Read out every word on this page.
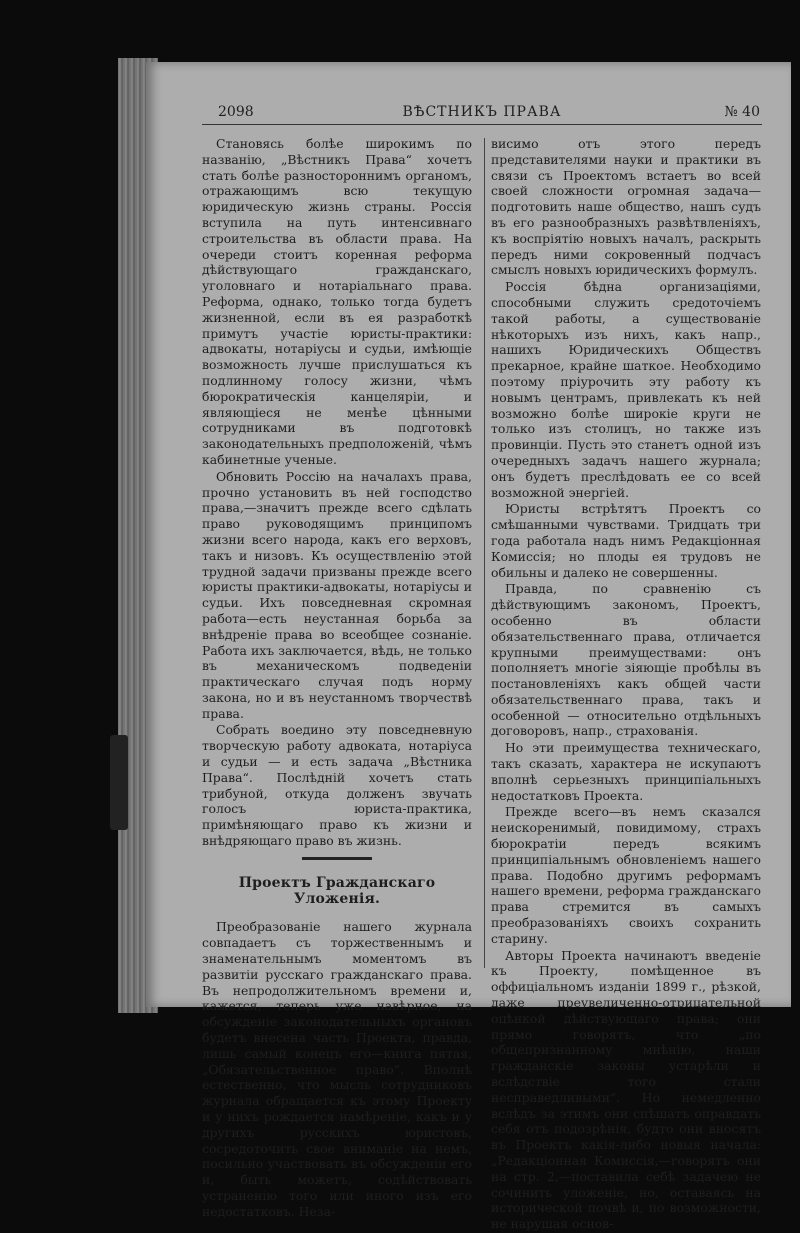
2098	ВѢСТНИКЪ ПРАВА	№ 40

Становясь болѣе широкимъ по названію, „Вѣстникъ Права“ хочетъ стать болѣе разностороннимъ органомъ, отражающимъ всю текущую юридическую жизнь страны. Россія вступила на путь интенсивнаго строительства въ области права. На очереди стоитъ коренная реформа дѣйствующаго гражданскаго, уголовнаго и нотаріальнаго права. Реформа, однако, только тогда будетъ жизненной, если въ ея разработкѣ примутъ участіе юристы-практики: адвокаты, нотаріусы и судьи, имѣющіе возможность лучше прислушаться къ подлинному голосу жизни, чѣмъ бюрократическія канцеляріи, и являющіеся не менѣе цѣнными сотрудниками въ подготовкѣ законодательныхъ предположеній, чѣмъ кабинетные ученые.

Обновить Россію на началахъ права, прочно установить въ ней господство права,—значитъ прежде всего сдѣлать право руководящимъ принципомъ жизни всего народа, какъ его верховъ, такъ и низовъ. Къ осуществленію этой трудной задачи призваны прежде всего юристы практики-адвокаты, нотаріусы и судьи. Ихъ повседневная скромная работа—есть неустанная борьба за внѣдреніе права во всеобщее сознаніе. Работа ихъ заключается, вѣдь, не только въ механическомъ подведеніи практическаго случая подъ норму закона, но и въ неустанномъ творчествѣ права.

Собрать воедино эту повседневную творческую работу адвоката, нотаріуса и судьи — и есть задача „Вѣстника Права“. Послѣдній хочетъ стать трибуной, откуда долженъ звучать голосъ юриста-практика, примѣняющаго право къ жизни и внѣдряющаго право въ жизнь.

Проектъ Гражданскаго Уложенія.

Преобразованіе нашего журнала совпадаетъ съ торжественнымъ и знаменательнымъ моментомъ въ развитіи русскаго гражданскаго права. Въ непродолжительномъ времени и, кажется, теперь уже навѣрное, на обсужденіе законодательныхъ органовъ будетъ внесена часть Проекта, правда, лишь самый конецъ его—книга пятая, „Обязательственное право“. Вполнѣ естественно, что мысль сотрудниковъ журнала обращается къ этому Проекту и у нихъ рождается намѣреніе, какъ и у другихъ русскихъ юристовъ, сосредоточить свое вниманіе на немъ, посильно участвовать въ обсужденіи его и, быть можетъ, содѣйствовать устраненію того или иного изъ его недостатковъ. Неза-

висимо отъ этого передъ представителями науки и практики въ связи съ Проектомъ встаетъ во всей своей сложности огромная задача—подготовить наше общество, нашъ судъ въ его разнообразныхъ развѣтвленіяхъ, къ воспріятію новыхъ началъ, раскрыть передъ ними сокровенный подчасъ смыслъ новыхъ юридическихъ формулъ.

Россія бѣдна организаціями, способными служить средоточіемъ такой работы, а существованіе нѣкоторыхъ изъ нихъ, какъ напр., нашихъ Юридическихъ Обществъ прекарное, крайне шаткое. Необходимо поэтому пріурочить эту работу къ новымъ центрамъ, привлекать къ ней возможно болѣе широкіе круги не только изъ столицъ, но также изъ провинціи. Пусть это станетъ одной изъ очередныхъ задачъ нашего журнала; онъ будетъ преслѣдовать ее со всей возможной энергіей.

Юристы встрѣтятъ Проектъ со смѣшанными чувствами. Тридцать три года работала надъ нимъ Редакціонная Комиссія; но плоды ея трудовъ не обильны и далеко не совершенны.

Правда, по сравненію съ дѣйствующимъ закономъ, Проектъ, особенно въ области обязательственнаго права, отличается крупными преимуществами: онъ пополняетъ многіе зіяющіе пробѣлы въ постановленіяхъ какъ общей части обязательственнаго права, такъ и особенной — относительно отдѣльныхъ договоровъ, напр., страхованія.

Но эти преимущества техническаго, такъ сказать, характера не искупаютъ вполнѣ серьезныхъ принципіальныхъ недостатковъ Проекта.

Прежде всего—въ немъ сказался неискоренимый, повидимому, страхъ бюрократіи передъ всякимъ принципіальнымъ обновленіемъ нашего права. Подобно другимъ реформамъ нашего времени, реформа гражданскаго права стремится въ самыхъ преобразованіяхъ своихъ сохранить старину.

Авторы Проекта начинаютъ введеніе къ Проекту, помѣщенное въ оффиціальномъ изданіи 1899 г., рѣзкой, даже преувеличенно-отрицательной оцѣнкой дѣйствующаго права; они прямо говорятъ, что „по общепризнанному мнѣнію, наши гражданскіе законы устарѣли и вслѣдствіе того стали несправедливыми“. Но немедленно вслѣдъ за этимъ они спѣшатъ оправдать себя отъ подозрѣнія, будто они вносятъ въ Проектъ какія-либо новыя начала: „Редакціонная Комиссія,—говорятъ они на стр. 2,—поставила себѣ задачею не сочинить уложеніе, но, оставаясь на исторической почвѣ и, по возможности, не нарушая основ-
